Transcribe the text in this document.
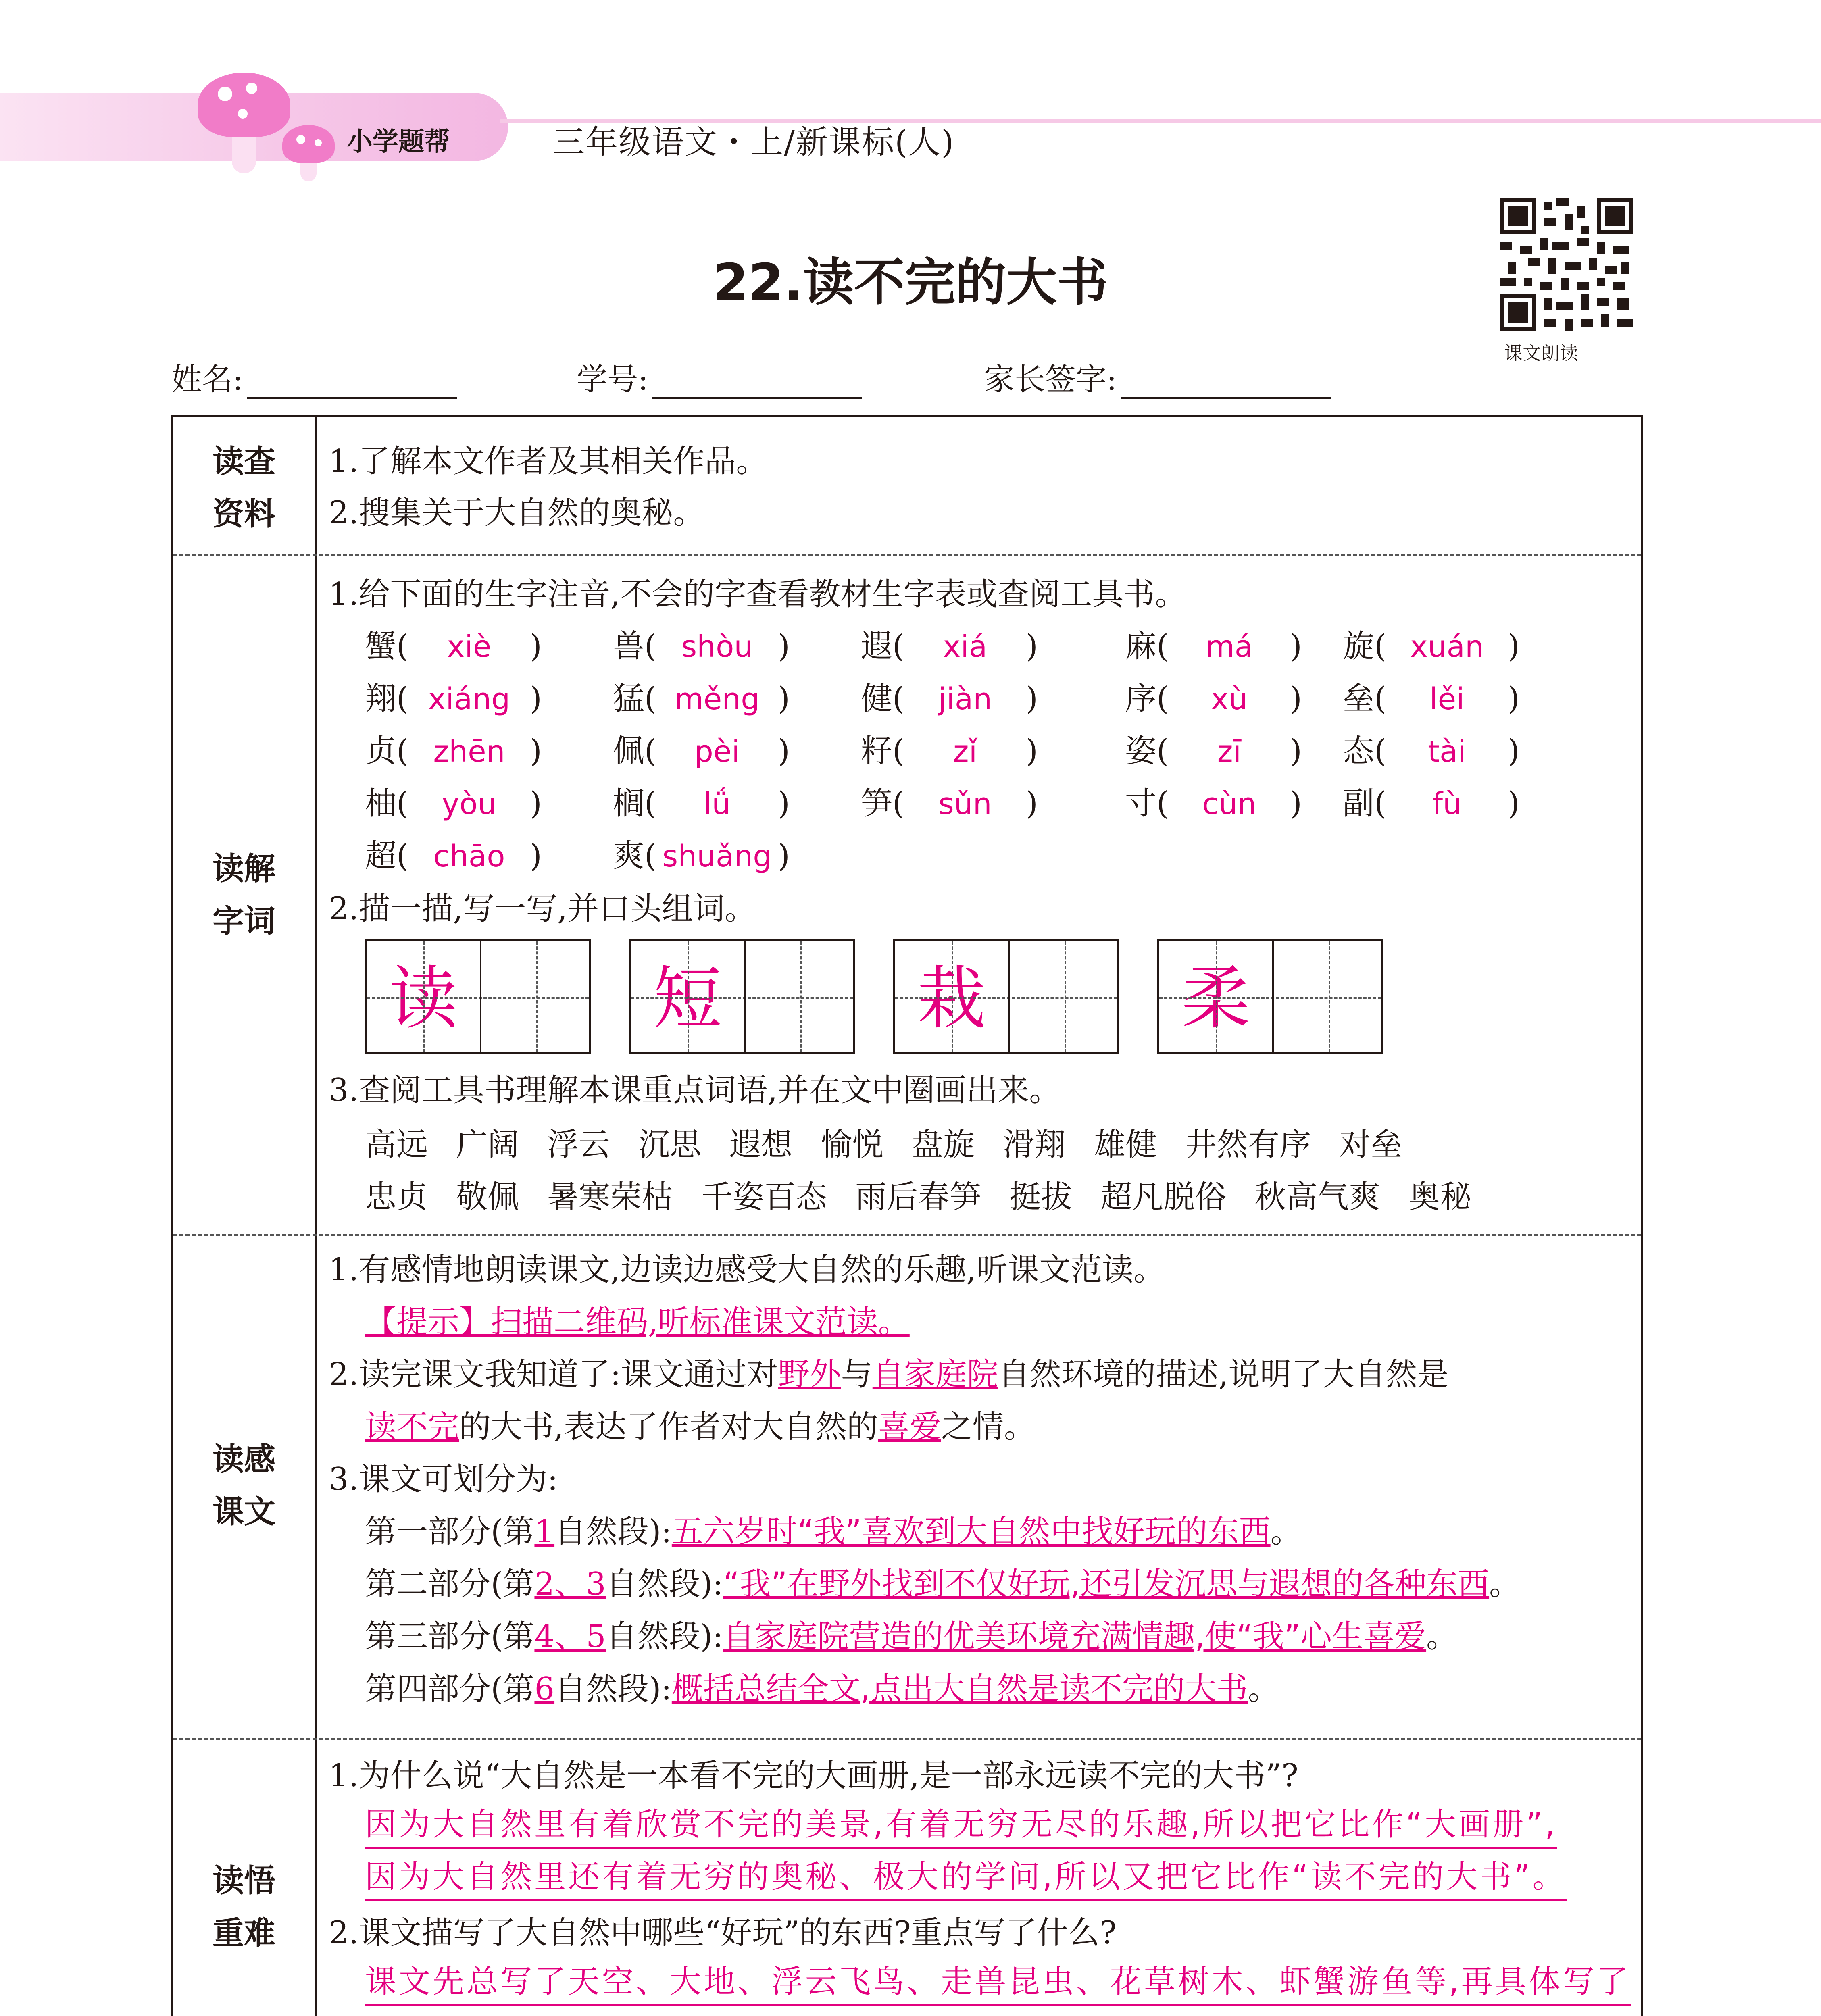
小学题帮	三年级语文・上/新课标(人)
22.读不完的大书
课文朗读
姓名:	学号:	家长签字:
读查
资料
1.了解本文作者及其相关作品。
2.搜集关于大自然的奥秘。
读解
字词
1.给下面的生字注音,不会的字查看教材生字表或查阅工具书。
蟹( xiè ) 兽( shòu ) 遐( xiá )	麻( má ) 旋( xuán )
翔( xiáng ) 猛( měng ) 健( jiàn )	序( xù ) 垒( lěi )
贞( zhēn ) 佩( pèi ) 籽( zǐ )	姿( zī ) 态( tài )
柚( yòu ) 榈( lǘ ) 笋( sǔn )	寸( cùn ) 副( fù )
超( chāo ) 爽( shuǎng )
2.描一描,写一写,并口头组词。
读	短	栽	柔
3.查阅工具书理解本课重点词语,并在文中圈画出来。
高远 广阔 浮云 沉思 遐想 愉悦 盘旋 滑翔 雄健 井然有序 对垒
忠贞 敬佩 暑寒荣枯 千姿百态 雨后春笋 挺拔 超凡脱俗 秋高气爽 奥秘
读感
课文
1.有感情地朗读课文,边读边感受大自然的乐趣,听课文范读。
【提示】扫描二维码,听标准课文范读。
2.读完课文我知道了:课文通过对野外与自家庭院自然环境的描述,说明了大自然是
读不完的大书,表达了作者对大自然的喜爱之情。
3.课文可划分为:
第一部分(第1自然段):五六岁时“我”喜欢到大自然中找好玩的东西。
第二部分(第2、3自然段):“我”在野外找到不仅好玩,还引发沉思与遐想的各种东西。
第三部分(第4、5自然段):自家庭院营造的优美环境充满情趣,使“我”心生喜爱。
第四部分(第6自然段):概括总结全文,点出大自然是读不完的大书。
读悟
重难
1.为什么说“大自然是一本看不完的大画册,是一部永远读不完的大书”?
因为大自然里有着欣赏不完的美景,有着无穷无尽的乐趣,所以把它比作“大画册”,
因为大自然里还有着无穷的奥秘、极大的学问,所以又把它比作“读不完的大书”。
2.课文描写了大自然中哪些“好玩”的东西?重点写了什么?
课文先总写了天空、大地、浮云飞鸟、走兽昆虫、花草树木、虾蟹游鱼等,再具体写了
